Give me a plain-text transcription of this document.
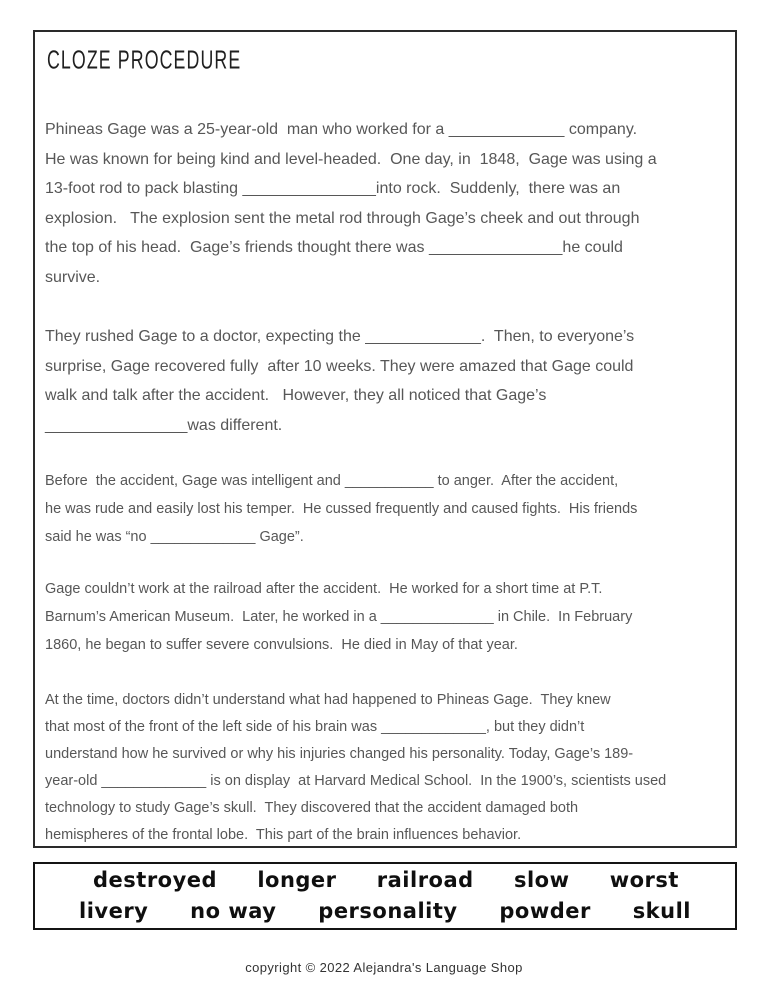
CLOZE PROCEDURE
Phineas Gage was a 25-year-old  man who worked for a _____________ company.
He was known for being kind and level-headed.  One day, in  1848,  Gage was using a
13-foot rod to pack blasting _______________into rock.  Suddenly,  there was an
explosion.   The explosion sent the metal rod through Gage’s cheek and out through
the top of his head.  Gage’s friends thought there was _______________he could
survive.
They rushed Gage to a doctor, expecting the _____________.  Then, to everyone’s
surprise, Gage recovered fully  after 10 weeks. They were amazed that Gage could
walk and talk after the accident.   However, they all noticed that Gage’s
________________was different.
Before  the accident, Gage was intelligent and ___________ to anger.  After the accident,
he was rude and easily lost his temper.  He cussed frequently and caused fights.  His friends
said he was “no _____________ Gage”.
Gage couldn’t work at the railroad after the accident.  He worked for a short time at P.T.
Barnum’s American Museum.  Later, he worked in a ______________ in Chile.  In February
1860, he began to suffer severe convulsions.  He died in May of that year.
At the time, doctors didn’t understand what had happened to Phineas Gage.  They knew
that most of the front of the left side of his brain was _____________, but they didn’t
understand how he survived or why his injuries changed his personality. Today, Gage’s 189-
year-old _____________ is on display  at Harvard Medical School.  In the 1900’s, scientists used
technology to study Gage’s skull.  They discovered that the accident damaged both
hemispheres of the frontal lobe.  This part of the brain influences behavior.
destroyed longer railroad slow worst
livery no way personality powder skull
copyright © 2022 Alejandra's Language Shop
